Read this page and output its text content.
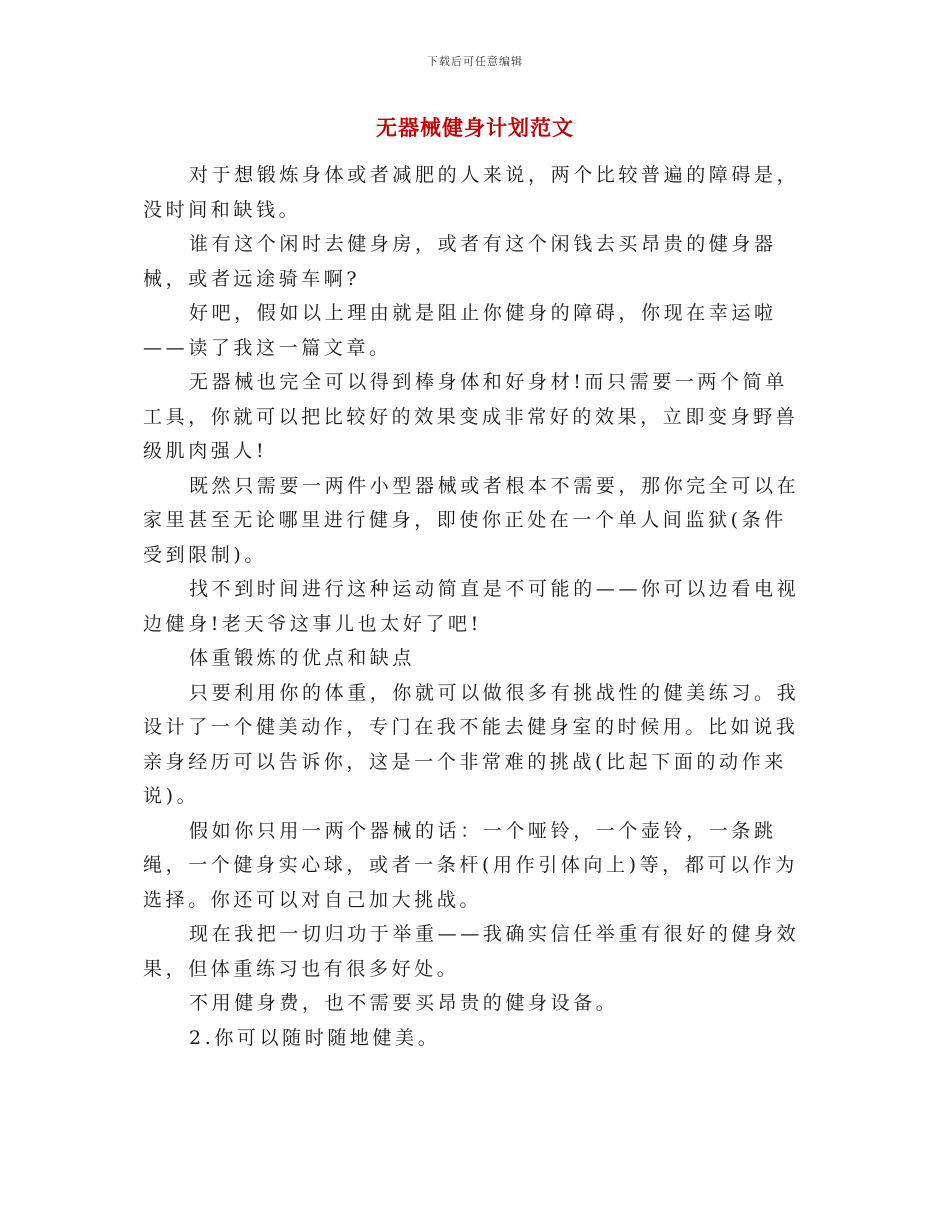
下载后可任意编辑
无器械健身计划范文

对于想锻炼身体或者减肥的人来说，两个比较普遍的障碍是，没时间和缺钱。

谁有这个闲时去健身房，或者有这个闲钱去买昂贵的健身器械，或者远途骑车啊?

好吧，假如以上理由就是阻止你健身的障碍，你现在幸运啦——读了我这一篇文章。

无器械也完全可以得到棒身体和好身材!而只需要一两个简单工具，你就可以把比较好的效果变成非常好的效果，立即变身野兽级肌肉强人!

既然只需要一两件小型器械或者根本不需要，那你完全可以在家里甚至无论哪里进行健身，即使你正处在一个单人间监狱(条件受到限制)。

找不到时间进行这种运动简直是不可能的——你可以边看电视边健身!老天爷这事儿也太好了吧!

体重锻炼的优点和缺点

只要利用你的体重，你就可以做很多有挑战性的健美练习。我设计了一个健美动作，专门在我不能去健身室的时候用。比如说我亲身经历可以告诉你，这是一个非常难的挑战(比起下面的动作来说)。

假如你只用一两个器械的话：一个哑铃，一个壶铃，一条跳绳，一个健身实心球，或者一条杆(用作引体向上)等，都可以作为选择。你还可以对自己加大挑战。

现在我把一切归功于举重——我确实信任举重有很好的健身效果，但体重练习也有很多好处。

不用健身费，也不需要买昂贵的健身设备。

2.你可以随时随地健美。
